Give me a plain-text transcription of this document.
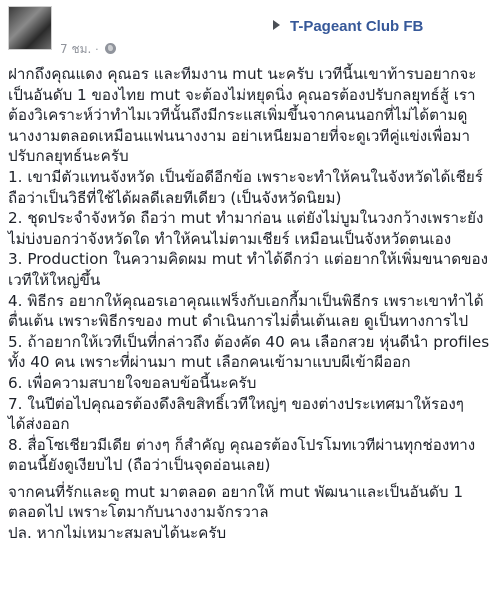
7 ชม. ·
T-Pageant Club FB

ฝากถึงคุณแดง คุณอร และทีมงาน mut นะครับ เวทีนี้นเขาท้ารบอยากจะ

เป็นอันดับ 1 ของไทย mut จะต้องไม่หยุดนิ่ง คุณอรต้องปรับกลยุทธ์สู้ เรา

ต้องวิเคราะห์ว่าทำไมเวทีนั้นถึงมีกระแสเพิ่มขึ้นจากคนนอกที่ไม่ได้ตามดู

นางงามตลอดเหมือนแฟนนางงาม อย่าเหนียมอายที่จะดูเวทีคู่แข่งเพื่อมา

ปรับกลยุทธ์นะครับ

1. เขามีตัวแทนจังหวัด เป็นข้อดีอีกข้อ เพราะจะทำให้คนในจังหวัดได้เชียร์

ถือว่าเป็นวิธีที่ใช้ได้ผลดีเลยทีเดียว (เป็นจังหวัดนิยม)

2. ชุดประจำจังหวัด ถือว่า mut ทำมาก่อน แต่ยังไม่บูมในวงกว้างเพราะยัง

ไม่บ่งบอกว่าจังหวัดใด ทำให้คนไม่ตามเชียร์ เหมือนเป็นจังหวัดตนเอง

3. Production ในความคิดผม mut ทำได้ดีกว่า แต่อยากให้เพิ่มขนาดของ

เวทีให้ใหญ่ขึ้น

4. พิธีกร อยากให้คุณอรเอาคุณแฟร็งกับเอกกี้มาเป็นพิธีกร เพราะเขาทำได้

ตื่นเต้น เพราะพิธีกรของ mut ดำเนินการไม่ตื่นเต้นเลย ดูเป็นทางการไป

5. ถ้าอยากให้เวทีเป็นที่กล่าวถึง ต้องคัด 40 คน เลือกสวย หุ่นดีนำ profiles

ทั้ง 40 คน เพราะที่ผ่านมา mut เลือกคนเข้ามาแบบผีเข้าผีออก

6. เพื่อความสบายใจขอลบข้อนี้นะครับ

7. ในปีต่อไปคุณอรต้องดึงลิขสิทธิ์เวทีใหญ่ๆ ของต่างประเทศมาให้รองๆ

ได้ส่งออก

8. สื่อโซเชียวมีเดีย ต่างๆ ก็สำคัญ คุณอรต้องโปรโมทเวทีผ่านทุกช่องทาง

ตอนนี้ยังดูเงียบไป (ถือว่าเป็นจุดอ่อนเลย)

จากคนที่รักและดู mut มาตลอด อยากให้ mut พัฒนาและเป็นอันดับ 1

ตลอดไป เพราะโตมากับนางงามจักรวาล

ปล. หากไม่เหมาะสมลบได้นะครับ
